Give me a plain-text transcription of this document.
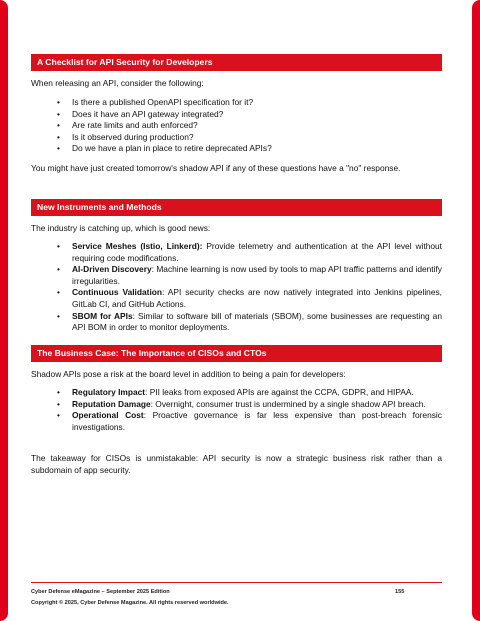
A Checklist for API Security for Developers
When releasing an API, consider the following:
• Is there a published OpenAPI specification for it?
• Does it have an API gateway integrated?
• Are rate limits and auth enforced?
• Is it observed during production?
• Do we have a plan in place to retire deprecated APIs?
You might have just created tomorrow's shadow API if any of these questions have a "no" response.
New Instruments and Methods
The industry is catching up, which is good news:
• Service Meshes (Istio, Linkerd): Provide telemetry and authentication at the API level without requiring code modifications.
• AI-Driven Discovery: Machine learning is now used by tools to map API traffic patterns and identify irregularities.
• Continuous Validation: API security checks are now natively integrated into Jenkins pipelines, GitLab CI, and GitHub Actions.
• SBOM for APIs: Similar to software bill of materials (SBOM), some businesses are requesting an API BOM in order to monitor deployments.
The Business Case: The Importance of CISOs and CTOs
Shadow APIs pose a risk at the board level in addition to being a pain for developers:
• Regulatory Impact: PII leaks from exposed APIs are against the CCPA, GDPR, and HIPAA.
• Reputation Damage: Overnight, consumer trust is undermined by a single shadow API breach.
• Operational Cost: Proactive governance is far less expensive than post-breach forensic investigations.
The takeaway for CISOs is unmistakable: API security is now a strategic business risk rather than a subdomain of app security.
Cyber Defense eMagazine – September 2025 Edition	155
Copyright © 2025, Cyber Defense Magazine. All rights reserved worldwide.
